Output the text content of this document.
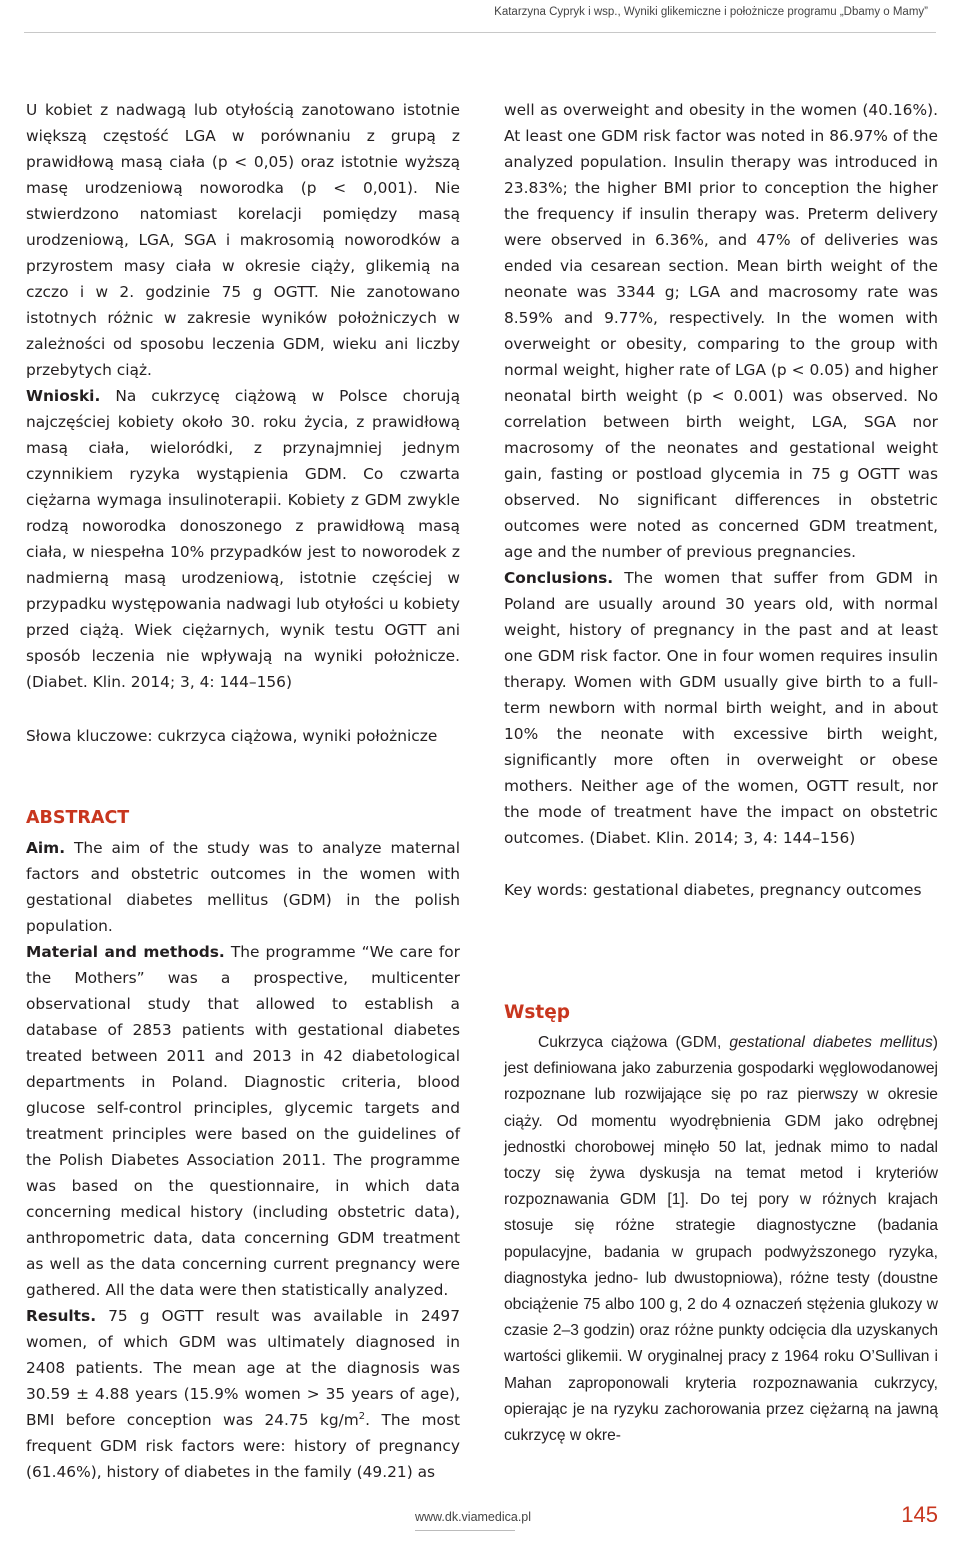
Katarzyna Cypryk i wsp., Wyniki glikemiczne i położnicze programu „Dbamy o Mamy”

U kobiet z nadwagą lub otyłością zanotowano istotnie większą częstość LGA w porównaniu z grupą z prawidłową masą ciała (p < 0,05) oraz istotnie wyższą masę urodzeniową noworodka (p < 0,001). Nie stwierdzono natomiast korelacji pomiędzy masą urodzeniową, LGA, SGA i makrosomią noworodków a przyrostem masy ciała w okresie ciąży, glikemią na czczo i w 2. godzinie 75 g OGTT. Nie zanotowano istotnych różnic w zakresie wyników położniczych w zależności od sposobu leczenia GDM, wieku ani liczby przebytych ciąż.

Wnioski. Na cukrzycę ciążową w Polsce chorują najczęściej kobiety około 30. roku życia, z prawidłową masą ciała, wieloródki, z przynajmniej jednym czynnikiem ryzyka wystąpienia GDM. Co czwarta ciężarna wymaga insulinoterapii. Kobiety z GDM zwykle rodzą noworodka donoszonego z prawidłową masą ciała, w niespełna 10% przypadków jest to noworodek z nadmierną masą urodzeniową, istotnie częściej w przypadku występowania nadwagi lub otyłości u kobiety przed ciążą. Wiek ciężarnych, wynik testu OGTT ani sposób leczenia nie wpływają na wyniki położnicze. (Diabet. Klin. 2014; 3, 4: 144–156)

Słowa kluczowe: cukrzyca ciążowa, wyniki położnicze

ABSTRACT

Aim. The aim of the study was to analyze maternal factors and obstetric outcomes in the women with gestational diabetes mellitus (GDM) in the polish population.

Material and methods. The programme “We care for the Mothers” was a prospective, multicenter observational study that allowed to establish a database of 2853 patients with gestational diabetes treated between 2011 and 2013 in 42 diabetological departments in Poland. Diagnostic criteria, blood glucose self-control principles, glycemic targets and treatment principles were based on the guidelines of the Polish Diabetes Association 2011. The programme was based on the questionnaire, in which data concerning medical history (including obstetric data), anthropometric data, data concerning GDM treatment as well as the data concerning current pregnancy were gathered. All the data were then statistically analyzed.

Results. 75 g OGTT result was available in 2497 women, of which GDM was ultimately diagnosed in 2408 patients. The mean age at the diagnosis was 30.59 ± 4.88 years (15.9% women > 35 years of age), BMI before conception was 24.75 $kg/m^2$. The most frequent GDM risk factors were: history of pregnancy (61.46%), history of diabetes in the family (49.21) as

well as overweight and obesity in the women (40.16%). At least one GDM risk factor was noted in 86.97% of the analyzed population. Insulin therapy was introduced in 23.83%; the higher BMI prior to conception the higher the frequency if insulin therapy was. Preterm delivery were observed in 6.36%, and 47% of deliveries was ended via cesarean section. Mean birth weight of the neonate was 3344 g; LGA and macrosomy rate was 8.59% and 9.77%, respectively. In the women with overweight or obesity, comparing to the group with normal weight, higher rate of LGA (p < 0.05) and higher neonatal birth weight (p < 0.001) was observed. No correlation between birth weight, LGA, SGA nor macrosomy of the neonates and gestational weight gain, fasting or postload glycemia in 75 g OGTT was observed. No significant differences in obstetric outcomes were noted as concerned GDM treatment, age and the number of previous pregnancies.

Conclusions. The women that suffer from GDM in Poland are usually around 30 years old, with normal weight, history of pregnancy in the past and at least one GDM risk factor. One in four women requires insulin therapy. Women with GDM usually give birth to a full-term newborn with normal birth weight, and in about 10% the neonate with excessive birth weight, significantly more often in overweight or obese mothers. Neither age of the women, OGTT result, nor the mode of treatment have the impact on obstetric outcomes. (Diabet. Klin. 2014; 3, 4: 144–156)

Key words: gestational diabetes, pregnancy outcomes

Wstęp

Cukrzyca ciążowa (GDM, gestational diabetes mellitus) jest definiowana jako zaburzenia gospodarki węglowodanowej rozpoznane lub rozwijające się po raz pierwszy w okresie ciąży. Od momentu wyodrębnienia GDM jako odrębnej jednostki chorobowej minęło 50 lat, jednak mimo to nadal toczy się żywa dyskusja na temat metod i kryteriów rozpoznawania GDM [1]. Do tej pory w różnych krajach stosuje się różne strategie diagnostyczne (badania populacyjne, badania w grupach podwyższonego ryzyka, diagnostyka jedno- lub dwustopniowa), różne testy (doustne obciążenie 75 albo 100 g, 2 do 4 oznaczeń stężenia glukozy w czasie 2–3 godzin) oraz różne punkty odcięcia dla uzyskanych wartości glikemii. W oryginalnej pracy z 1964 roku O’Sullivan i Mahan zaproponowali kryteria rozpoznawania cukrzycy, opierając je na ryzyku zachorowania przez ciężarną na jawną cukrzycę w okre-

www.dk.viamedica.pl	145
